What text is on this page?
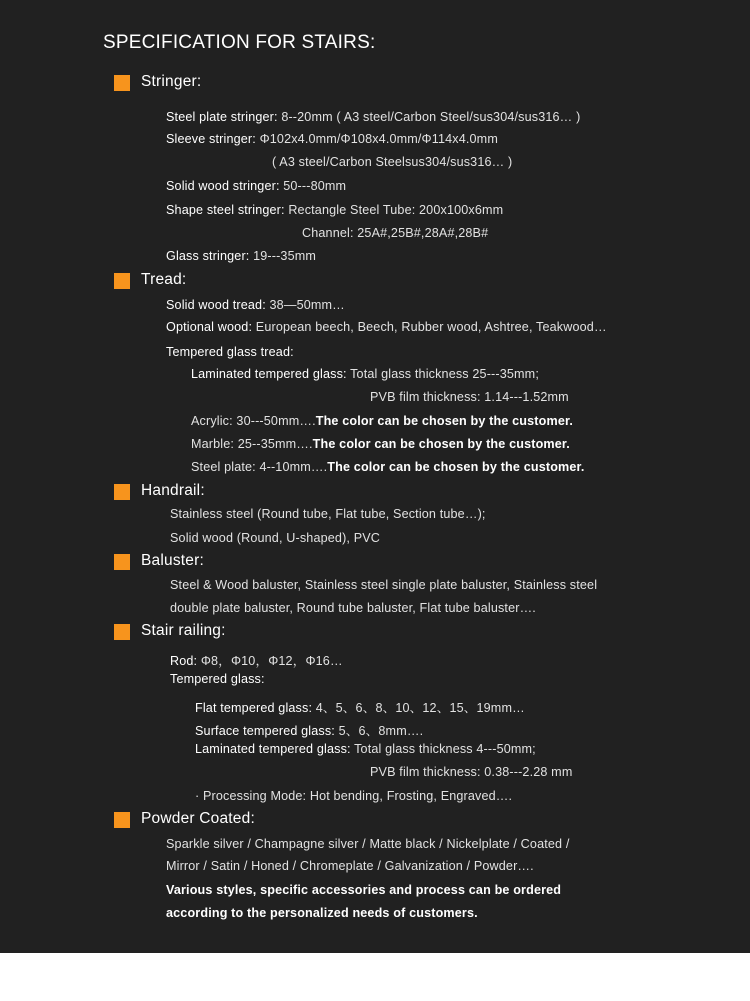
SPECIFICATION FOR STAIRS:
Stringer:
Steel plate stringer: 8--20mm ( A3 steel/Carbon Steel/sus304/sus316… )
Sleeve stringer: Φ102x4.0mm/Φ108x4.0mm/Φ114x4.0mm
( A3 steel/Carbon Steelsus304/sus316… )
Solid wood stringer: 50---80mm
Shape steel stringer: Rectangle Steel Tube: 200x100x6mm
Channel: 25A#,25B#,28A#,28B#
Glass stringer: 19---35mm
Tread:
Solid wood tread: 38—50mm…
Optional wood: European beech, Beech, Rubber wood, Ashtree, Teakwood…
Tempered glass tread:
Laminated tempered glass: Total glass thickness 25---35mm;
PVB film thickness: 1.14---1.52mm
Acrylic: 30---50mm….The color can be chosen by the customer.
Marble: 25--35mm….The color can be chosen by the customer.
Steel plate: 4--10mm….The color can be chosen by the customer.
Handrail:
Stainless steel (Round tube, Flat tube, Section tube…);
Solid wood (Round, U-shaped), PVC
Baluster:
Steel & Wood baluster, Stainless steel single plate baluster, Stainless steel
double plate baluster, Round tube baluster, Flat tube baluster….
Stair railing:
Rod: Φ8，Φ10，Φ12，Φ16…
Tempered glass:
Flat tempered glass: 4、5、6、8、10、12、15、19mm…
Surface tempered glass: 5、6、8mm….
Laminated tempered glass: Total glass thickness 4---50mm;
PVB film thickness: 0.38---2.28 mm
· Processing Mode: Hot bending, Frosting, Engraved….
Powder Coated:
Sparkle silver / Champagne silver / Matte black / Nickelplate / Coated /
Mirror / Satin / Honed / Chromeplate / Galvanization / Powder….
Various styles, specific accessories and process can be ordered
according to the personalized needs of customers.
